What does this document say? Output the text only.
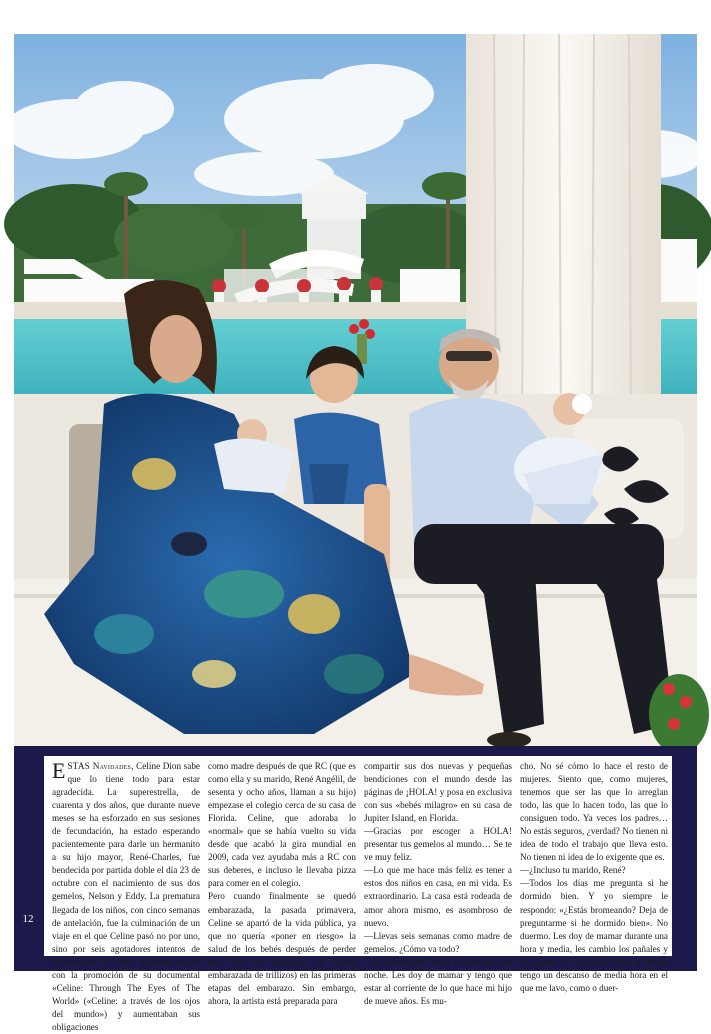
12

ESTAS Navidades, Celine Dion sabe que lo tiene todo para estar agradecida. La superestrella, de cuarenta y dos años, que durante nueve meses se ha esforzado en sus sesiones de fecundación, ha estado esperando pacientemente para darle un hermanito a su hijo mayor, René-Charles, fue bendecida por partida doble el día 23 de octubre con el nacimiento de sus dos gemelos, Nelson y Eddy. La prematura llegada de los niños, con cinco semanas de antelación, fue la culminación de un viaje en el que Celine pasó no por uno, sino por seis agotadores intentos de fecundación in vitro, mientras estaba con la promoción de su documental «Celine: Through The Eyes of The World» («Celine: a través de los ojos del mundo») y aumentaban sus obligaciones

como madre después de que RC (que es como ella y su marido, René Angélil, de sesenta y ocho años, llaman a su hijo) empezase el colegio cerca de su casa de Florida. Celine, que adoraba lo «normal» que se había vuelto su vida desde que acabó la gira mundial en 2009, cada vez ayudaba más a RC con sus deberes, e incluso le llevaba pizza para comer en el colegio.

Pero cuando finalmente se quedó embarazada, la pasada primavera, Celine se apartó de la vida pública, ya que no quería «poner en riesgo» la salud de los bebés después de perder uno (en un principio se quedó embarazada de trillizos) en las primeras etapas del embarazo. Sin embargo, ahora, la artista está preparada para

compartir sus dos nuevas y pequeñas bendiciones con el mundo desde las páginas de ¡HOLA! y posa en exclusiva con sus «bebés milagro» en su casa de Jupiter Island, en Florida.

—Gracias por escoger a HOLA! presentar tus gemelos al mundo… Se te ve muy feliz.

—Lo que me hace más feliz es tener a estos dos niños en casa, en mi vida. Es extraordinario. La casa está rodeada de amor ahora mismo, es asombroso de nuevo.

—Llevas seis semanas como madre de gemelos. ¿Cómo va todo?

—Es abrumador. No sé si es de día o de noche. Les doy de mamar y tengo que estar al corriente de lo que hace mi hijo de nueve años. Es mu-

cho. No sé cómo lo hace el resto de mujeres. Siento que, como mujeres, tenemos que ser las que lo arreglan todo, las que lo hacen todo, las que lo consiguen todo. Ya veces los padres… No estás seguros, ¿verdad? No tienen ni idea de todo el trabajo que lleva esto. No tienen ni idea de lo exigente que es.

—¿Incluso tu marido, René?

—Todos los días me pregunta si he dormido bien. Y yo siempre le respondo: «¿Estás bromeando? Deja de preguntarme si he dormido bien». No duermo. Les doy de mamar durante una hora y media, les cambio los pañales y el pijama, y cada dos horas y media tengo un descanso de media hora en el que me lavo, como o duer-
